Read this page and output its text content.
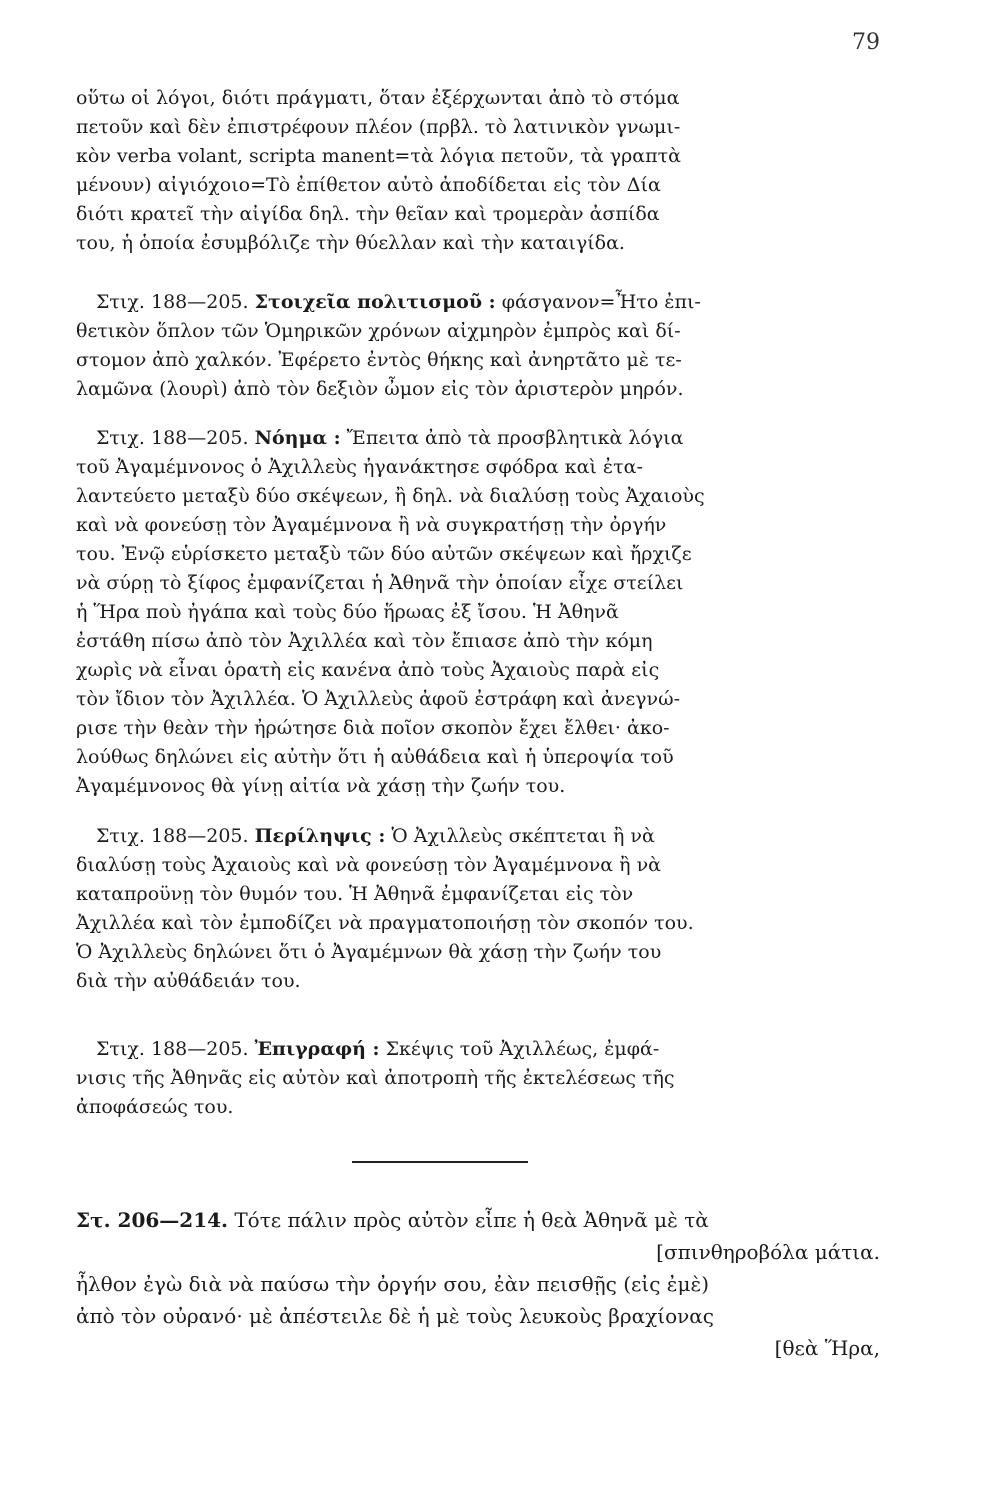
79
οὕτω οἱ λόγοι, διότι πράγματι, ὅταν ἐξέρχωνται ἀπὸ τὸ στόμα
πετοῦν καὶ δὲν ἐπιστρέφουν πλέον (πρβλ. τὸ λατινικὸν γνωμι-
κὸν verba volant, scripta manent=τὰ λόγια πετοῦν, τὰ γραπτὰ
μένουν) αἰγιόχοιο=Τὸ ἐπίθετον αὐτὸ ἀποδίδεται εἰς τὸν Δία
διότι κρατεῖ τὴν αἰγίδα δηλ. τὴν θεῖαν καὶ τρομερὰν ἀσπίδα
του, ἡ ὁποία ἐσυμβόλιζε τὴν θύελλαν καὶ τὴν καταιγίδα.
Στιχ. 188—205. Στοιχεῖα πολιτισμοῦ : φάσγανον=Ἦτο ἐπι-
θετικὸν ὅπλον τῶν Ὁμηρικῶν χρόνων αἰχμηρὸν ἐμπρὸς καὶ δί-
στομον ἀπὸ χαλκόν. Ἐφέρετο ἐντὸς θήκης καὶ ἀνηρτᾶτο μὲ τε-
λαμῶνα (λουρὶ) ἀπὸ τὸν δεξιὸν ὦμον εἰς τὸν ἀριστερὸν μηρόν.
Στιχ. 188—205. Νόημα : Ἔπειτα ἀπὸ τὰ προσβλητικὰ λόγια
τοῦ Ἀγαμέμνονος ὁ Ἀχιλλεὺς ἠγανάκτησε σφόδρα καὶ ἐτα-
λαντεύετο μεταξὺ δύο σκέψεων, ἢ δηλ. νὰ διαλύσῃ τοὺς Ἀχαιοὺς
καὶ νὰ φονεύσῃ τὸν Ἀγαμέμνονα ἢ νὰ συγκρατήσῃ τὴν ὀργήν
του. Ἐνῷ εὑρίσκετο μεταξὺ τῶν δύο αὐτῶν σκέψεων καὶ ἤρχιζε
νὰ σύρῃ τὸ ξίφος ἐμφανίζεται ἡ Ἀθηνᾶ τὴν ὁποίαν εἶχε στείλει
ἡ Ἥρα ποὺ ἠγάπα καὶ τοὺς δύο ἥρωας ἐξ ἴσου. Ἡ Ἀθηνᾶ
ἐστάθη πίσω ἀπὸ τὸν Ἀχιλλέα καὶ τὸν ἔπιασε ἀπὸ τὴν κόμη
χωρὶς νὰ εἶναι ὁρατὴ εἰς κανένα ἀπὸ τοὺς Ἀχαιοὺς παρὰ εἰς
τὸν ἴδιον τὸν Ἀχιλλέα. Ὁ Ἀχιλλεὺς ἀφοῦ ἐστράφη καὶ ἀνεγνώ-
ρισε τὴν θεὰν τὴν ἠρώτησε διὰ ποῖον σκοπὸν ἔχει ἔλθει· ἀκο-
λούθως δηλώνει εἰς αὐτὴν ὅτι ἡ αὐθάδεια καὶ ἡ ὑπεροψία τοῦ
Ἀγαμέμνονος θὰ γίνῃ αἰτία νὰ χάσῃ τὴν ζωήν του.
Στιχ. 188—205. Περίληψις : Ὁ Ἀχιλλεὺς σκέπτεται ἢ νὰ
διαλύσῃ τοὺς Ἀχαιοὺς καὶ νὰ φονεύσῃ τὸν Ἀγαμέμνονα ἢ νὰ
καταπροϋνῃ τὸν θυμόν του. Ἡ Ἀθηνᾶ ἐμφανίζεται εἰς τὸν
Ἀχιλλέα καὶ τὸν ἐμποδίζει νὰ πραγματοποιήσῃ τὸν σκοπόν του.
Ὁ Ἀχιλλεὺς δηλώνει ὅτι ὁ Ἀγαμέμνων θὰ χάσῃ τὴν ζωήν του
διὰ τὴν αὐθάδειάν του.
Στιχ. 188—205. Ἐπιγραφή : Σκέψις τοῦ Ἀχιλλέως, ἐμφά-
νισις τῆς Ἀθηνᾶς εἰς αὐτὸν καὶ ἀποτροπὴ τῆς ἐκτελέσεως τῆς
ἀποφάσεώς του.
Στ. 206—214. Τότε πάλιν πρὸς αὐτὸν εἶπε ἡ θεὰ Ἀθηνᾶ μὲ τὰ
[σπινθηροβόλα μάτια.
ἦλθον ἐγὼ διὰ νὰ παύσω τὴν ὀργήν σου, ἐὰν πεισθῇς (εἰς ἐμὲ)
ἀπὸ τὸν οὐρανό· μὲ ἀπέστειλε δὲ ἡ μὲ τοὺς λευκοὺς βραχίονας
[θεὰ Ἥρα,
